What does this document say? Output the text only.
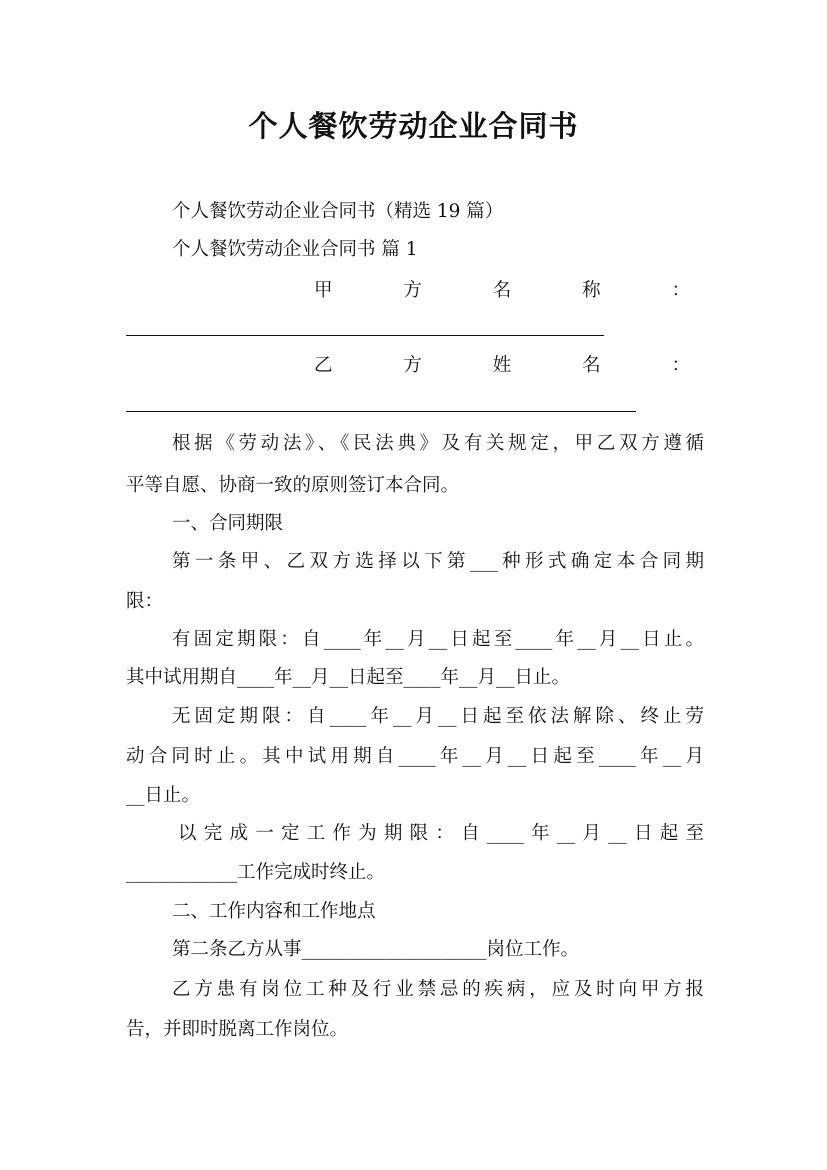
个人餐饮劳动企业合同书
个人餐饮劳动企业合同书（精选 19 篇）
个人餐饮劳动企业合同书 篇 1
甲	方	名	称	：
乙	方	姓	名	：
根据《劳动法》、《民法典》及有关规定，甲乙双方遵循
平等自愿、协商一致的原则签订本合同。
一、合同期限
第一条甲、乙双方选择以下第___种形式确定本合同期
限：
有固定期限：自____年__月__日起至____年__月__日止。
其中试用期自____年__月__日起至____年__月__日止。
无固定期限：自____年__月__日起至依法解除、终止劳
动合同时止。其中试用期自____年__月__日起至____年__月
__日止。
以完成一定工作为期限：自____年__月__日起至
____________工作完成时终止。
二、工作内容和工作地点
第二条乙方从事____________________岗位工作。
乙方患有岗位工种及行业禁忌的疾病，应及时向甲方报
告，并即时脱离工作岗位。
